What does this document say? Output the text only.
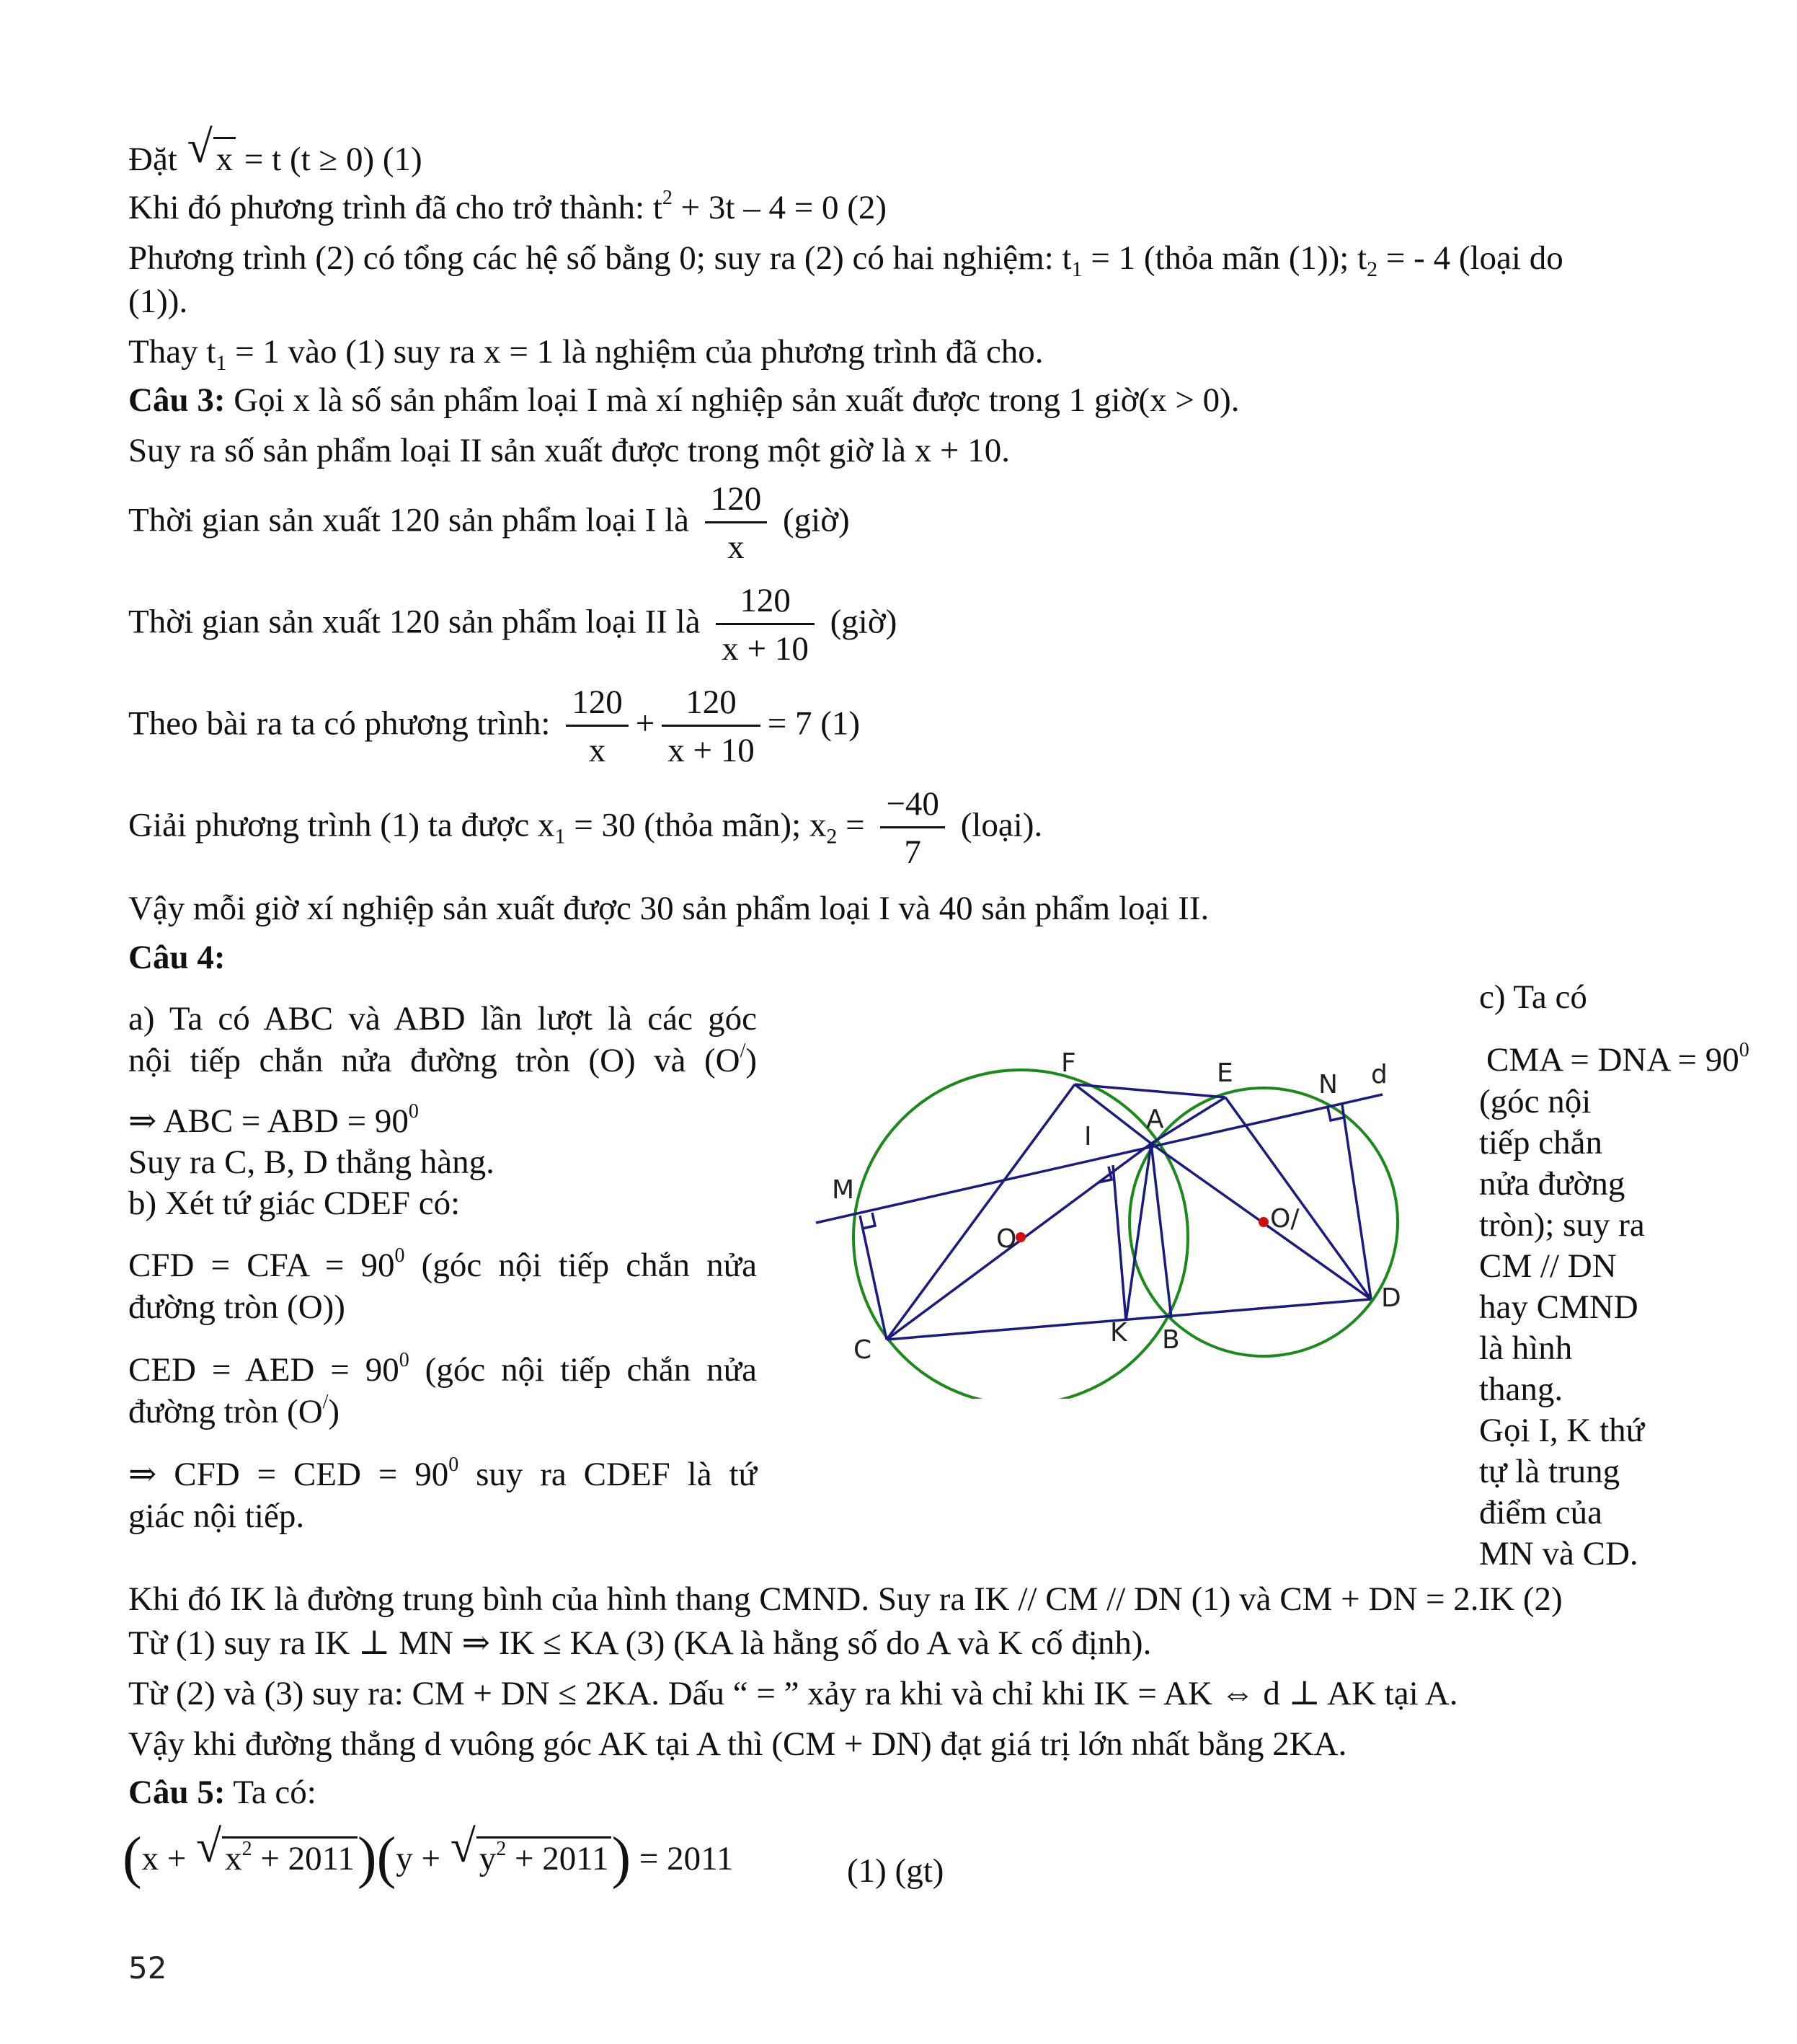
Đặt √ x = t (t ≥ 0) (1)
Khi đó phương trình đã cho trở thành: $t^2 + 3t - 4 = 0$ (2)
Phương trình (2) có tổng các hệ số bằng 0; suy ra (2) có hai nghiệm: $t_1 = 1$ (thỏa mãn (1)); $t_2$ = - 4 (loại do
(1)).
Thay $t_1 = 1$ vào (1) suy ra x = 1 là nghiệm của phương trình đã cho.
Câu 3: Gọi x là số sản phẩm loại I mà xí nghiệp sản xuất được trong 1 giờ(x > 0).
Suy ra số sản phẩm loại II sản xuất được trong một giờ là x + 10.
Thời gian sản xuất 120 sản phẩm loại I là $\frac{120}{x}$ (giờ)
Thời gian sản xuất 120 sản phẩm loại II là $\frac{120}{x + 10}$ (giờ)
Theo bài ra ta có phương trình: $\frac{120}{x} + \frac{120}{x + 10} = 7$ (1)
Giải phương trình (1) ta được $x_1 = 30$ (thỏa mãn); $x_2 = \frac{-40}{7}$ (loại).
Vậy mỗi giờ xí nghiệp sản xuất được 30 sản phẩm loại I và 40 sản phẩm loại II.
Câu 4:
a) Ta có ABC và ABD lần lượt là các góc
nội tiếp chắn nửa đường tròn (O) và (O/)
⇒ ABC = ABD = $90^0$
Suy ra C, B, D thẳng hàng.
b) Xét tứ giác CDEF có:
CFD = CFA = $90^0$ (góc nội tiếp chắn nửa
đường tròn (O))
CED = AED = $90^0$ (góc nội tiếp chắn nửa
đường tròn (O/)
⇒ CFD = CED = $90^0$ suy ra CDEF là tứ
giác nội tiếp.
c) Ta có
CMA = DNA = $90^0$
(góc nội
tiếp chắn
nửa đường
tròn); suy ra
CM // DN
hay CMND
là hình
thang.
Gọi I, K thứ
tự là trung
điểm của
MN và CD.
F	E	N d
A
I
M
O
O/
D
C
K B
Khi đó IK là đường trung bình của hình thang CMND. Suy ra IK // CM // DN (1) và CM + DN = 2.IK (2)
Từ (1) suy ra IK ⊥ MN ⇒ IK ≤ KA (3) (KA là hằng số do A và K cố định).
Từ (2) và (3) suy ra: CM + DN ≤ 2KA. Dấu “ = ” xảy ra khi và chỉ khi IK = AK ⇔ d ⊥ AK tại A.
Vậy khi đường thẳng d vuông góc AK tại A thì (CM + DN) đạt giá trị lớn nhất bằng 2KA.
Câu 5: Ta có:
(x + √ $x^2 + 2011)(y$ + √ $y^2 + 2011) = 2011$	(1) (gt)
52
